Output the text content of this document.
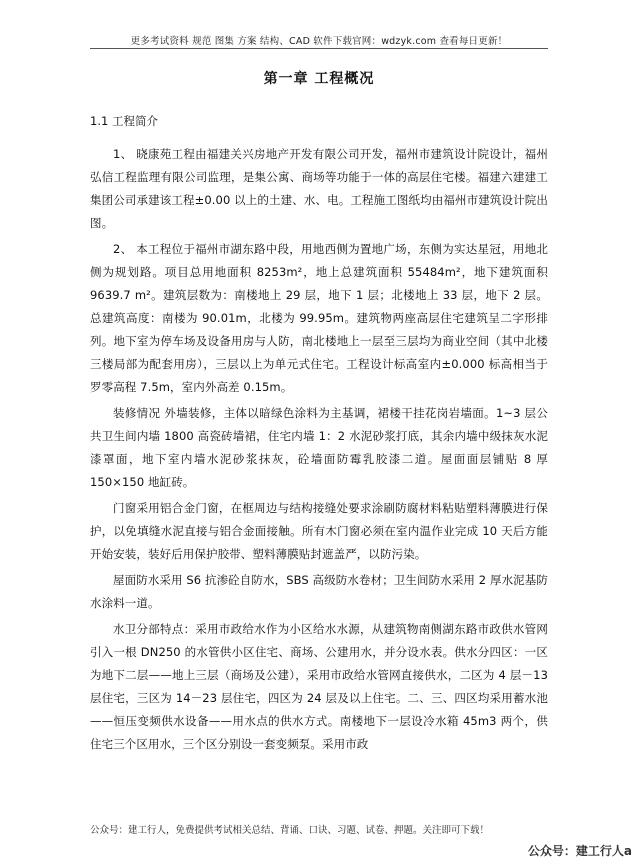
更多考试资料 规范 图集 方案 结构、CAD 软件下载官网：wdzyk.com 查看每日更新！
第一章 工程概况
1.1 工程简介

1、 晓康苑工程由福建关兴房地产开发有限公司开发，福州市建筑设计院设计，福州弘信工程监理有限公司监理，是集公寓、商场等功能于一体的高层住宅楼。福建六建建工集团公司承建该工程±0.00 以上的土建、水、电。工程施工图纸均由福州市建筑设计院出图。

2、 本工程位于福州市湖东路中段，用地西侧为置地广场，东侧为实达星冠，用地北侧为规划路。项目总用地面积 8253m²，地上总建筑面积 55484m²，地下建筑面积 9639.7 m²。建筑层数为：南楼地上 29 层，地下 1 层；北楼地上 33 层，地下 2 层。总建筑高度：南楼为 90.01m，北楼为 99.95m。建筑物两座高层住宅建筑呈二字形排列。地下室为停车场及设备用房与人防，南北楼地上一层至三层均为商业空间（其中北楼三楼局部为配套用房），三层以上为单元式住宅。工程设计标高室内±0.000 标高相当于罗零高程 7.5m，室内外高差 0.15m。

装修情况 外墙装修，主体以暗绿色涂料为主基调，裙楼干挂花岗岩墙面。1~3 层公共卫生间内墙 1800 高瓷砖墙裙，住宅内墙 1：2 水泥砂浆打底，其余内墙中级抹灰水泥漆罩面，地下室内墙水泥砂浆抹灰，砼墙面防霉乳胶漆二道。屋面面层铺贴 8 厚 150×150 地缸砖。

门窗采用铝合金门窗，在框周边与结构接缝处要求涂刷防腐材料粘贴塑料薄膜进行保护，以免填缝水泥直接与铝合金面接触。所有木门窗必须在室内温作业完成 10 天后方能开始安装，装好后用保护胶带、塑料薄膜贴封遮盖严，以防污染。

屋面防水采用 S6 抗渗砼自防水，SBS 高级防水卷材；卫生间防水采用 2 厚水泥基防水涂料一道。

水卫分部特点：采用市政给水作为小区给水水源，从建筑物南侧湖东路市政供水管网引入一根 DN250 的水管供小区住宅、商场、公建用水，并分设水表。供水分四区：一区为地下二层——地上三层（商场及公建），采用市政给水管网直接供水，二区为 4 层－13 层住宅，三区为 14－23 层住宅，四区为 24 层及以上住宅。二、三、四区均采用蓄水池——恒压变频供水设备——用水点的供水方式。南楼地下一层设冷水箱 45m3 两个，供住宅三个区用水，三个区分别设一套变频泵。采用市政

公众号：建工行人，免费提供考试相关总结、背诵、口诀、习题、试卷、押题。关注即可下载！
公众号：建工行人a
